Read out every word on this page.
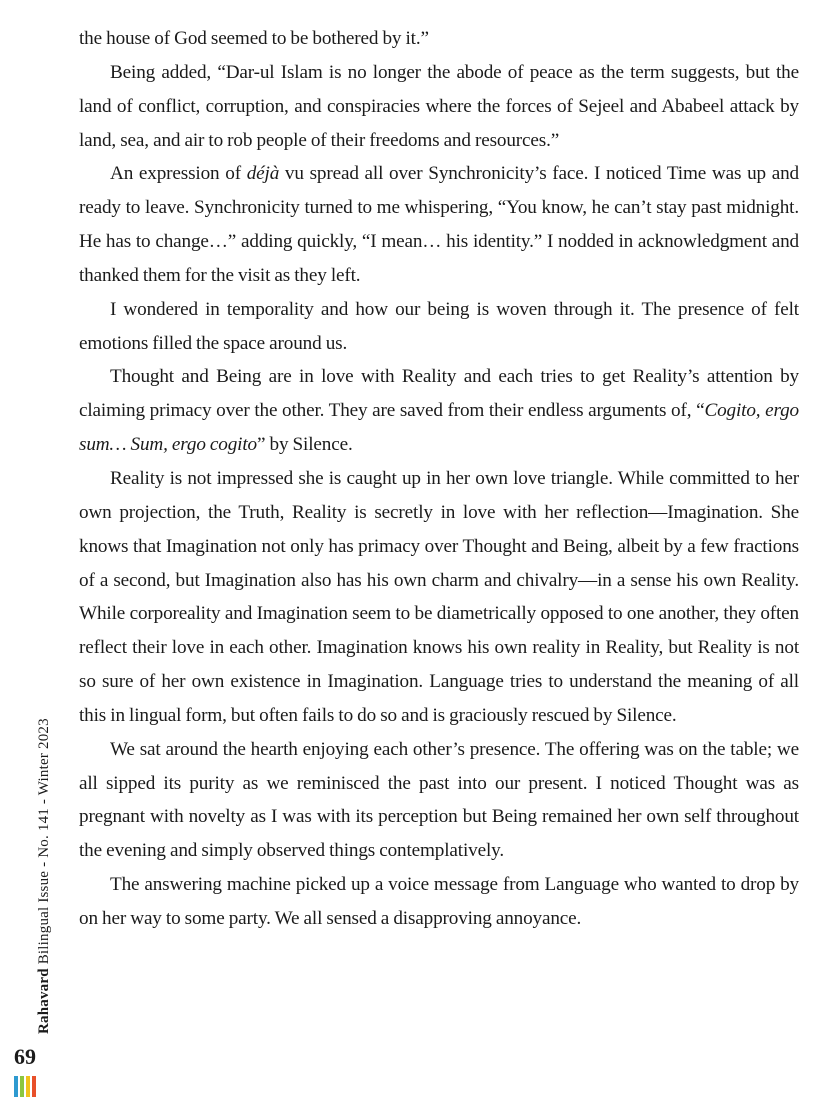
the house of God seemed to be bothered by it.”

Being added, “Dar-ul Islam is no longer the abode of peace as the term suggests, but the land of conflict, corruption, and conspiracies where the forces of Sejeel and Ababeel attack by land, sea, and air to rob people of their freedoms and resources.”

An expression of déjà vu spread all over Synchronicity’s face. I noticed Time was up and ready to leave. Synchronicity turned to me whispering, “You know, he can’t stay past midnight. He has to change…” adding quickly, “I mean… his identity.” I nodded in acknowledgment and thanked them for the visit as they left.

I wondered in temporality and how our being is woven through it. The presence of felt emotions filled the space around us.

Thought and Being are in love with Reality and each tries to get Reality’s attention by claiming primacy over the other. They are saved from their endless arguments of, “Cogito, ergo sum… Sum, ergo cogito” by Silence.

Reality is not impressed she is caught up in her own love triangle. While committed to her own projection, the Truth, Reality is secretly in love with her reflection—Imagination. She knows that Imagination not only has primacy over Thought and Being, albeit by a few fractions of a second, but Imagination also has his own charm and chivalry—in a sense his own Reality. While corporeality and Imagination seem to be diametrically opposed to one another, they often reflect their love in each other. Imagination knows his own reality in Reality, but Reality is not so sure of her own existence in Imagination. Language tries to understand the meaning of all this in lingual form, but often fails to do so and is graciously rescued by Silence.

We sat around the hearth enjoying each other’s presence. The offering was on the table; we all sipped its purity as we reminisced the past into our present. I noticed Thought was as pregnant with novelty as I was with its perception but Being remained her own self throughout the evening and simply observed things contemplatively.

The answering machine picked up a voice message from Language who wanted to drop by on her way to some party. We all sensed a disapproving annoyance.

Rahavard Bilingual Issue - No. 141 - Winter 2023
69
